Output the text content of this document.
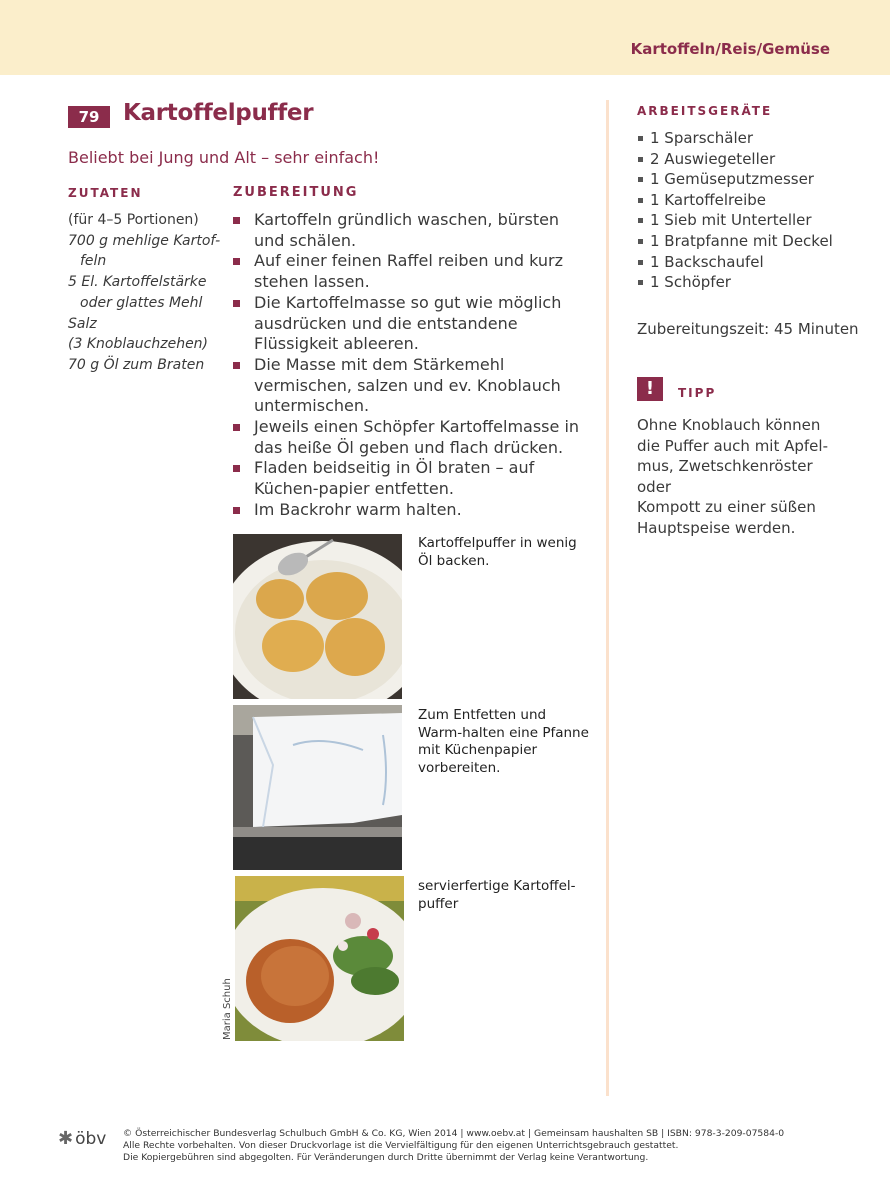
Kartoffeln/Reis/Gemüse
79	Kartoffelpuffer
Beliebt bei Jung und Alt – sehr einfach!
ZUTATEN
(für 4–5 Portionen)
700 g mehlige Kartof-
feln
5 El. Kartoffelstärke
oder glattes Mehl
Salz
(3 Knoblauchzehen)
70 g Öl zum Braten
ZUBEREITUNG
Kartoffeln gründlich waschen, bürsten und schälen.
Auf einer feinen Raffel reiben und kurz stehen lassen.
Die Kartoffelmasse so gut wie möglich ausdrücken und die entstandene Flüssigkeit ableeren.
Die Masse mit dem Stärkemehl vermischen, salzen und ev. Knoblauch untermischen.
Jeweils einen Schöpfer Kartoffelmasse in das heiße Öl geben und flach drücken.
Fladen beidseitig in Öl braten – auf Küchen-papier entfetten.
Im Backrohr warm halten.
Kartoffelpuffer in wenig Öl backen.
Zum Entfetten und Warm-halten eine Pfanne mit Küchenpapier vorbereiten.
servierfertige Kartoffel-puffer
Maria Schuh
ARBEITSGERÄTE
1 Sparschäler
2 Auswiegeteller
1 Gemüseputzmesser
1 Kartoffelreibe
1 Sieb mit Unterteller
1 Bratpfanne mit Deckel
1 Backschaufel
1 Schöpfer
Zubereitungszeit: 45 Minuten
!	TIPP
Ohne Knoblauch können
die Puffer auch mit Apfel-
mus, Zwetschkenröster oder
Kompott zu einer süßen
Hauptspeise werden.
✱ öbv © Österreichischer Bundesverlag Schulbuch GmbH & Co. KG, Wien 2014 | www.oebv.at | Gemeinsam haushalten SB | ISBN: 978-3-209-07584-0
Alle Rechte vorbehalten. Von dieser Druckvorlage ist die Vervielfältigung für den eigenen Unterrichtsgebrauch gestattet.
Die Kopiergebühren sind abgegolten. Für Veränderungen durch Dritte übernimmt der Verlag keine Verantwortung.
